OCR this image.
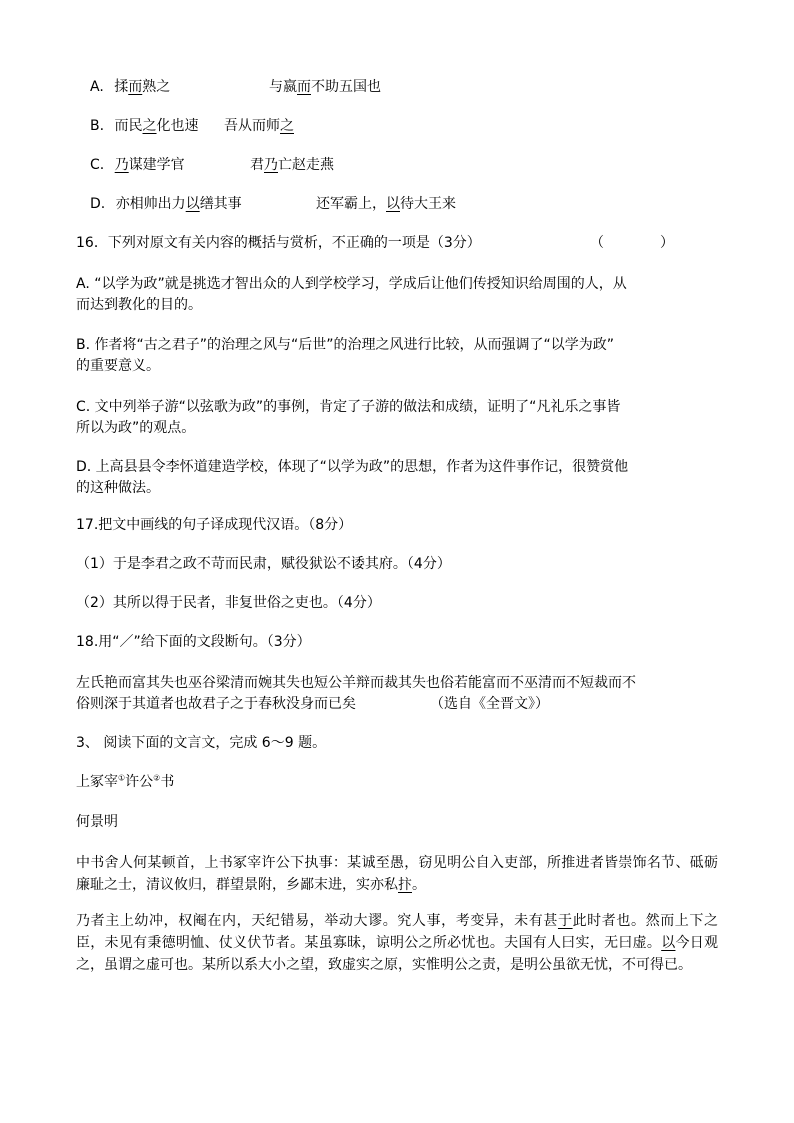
A. 揉而熟之	与嬴而不助五国也
B. 而民之化也速 吾从而师之
C. 乃谋建学官	君乃亡赵走燕
D. 亦相帅出力以缮其事	还军霸上，以待大王来
16．下列对原文有关内容的概括与赏析，不正确的一项是（3分）	（　　　　）
A. “以学为政”就是挑选才智出众的人到学校学习，学成后让他们传授知识给周围的人，从
而达到教化的目的。
B. 作者将“古之君子”的治理之风与“后世”的治理之风进行比较，从而强调了“以学为政”
的重要意义。
C. 文中列举子游“以弦歌为政”的事例，肯定了子游的做法和成绩，证明了“凡礼乐之事皆
所以为政”的观点。
D. 上高县县令李怀道建造学校，体现了“以学为政”的思想，作者为这件事作记，很赞赏他
的这种做法。
17.把文中画线的句子译成现代汉语。（8分）
（1）于是李君之政不苛而民肃，赋役狱讼不诿其府。（4分）
（2）其所以得于民者，非复世俗之吏也。（4分）
18.用“／”给下面的文段断句。（3分）
左氏艳而富其失也巫谷梁清而婉其失也短公羊辩而裁其失也俗若能富而不巫清而不短裁而不
俗则深于其道者也故君子之于春秋没身而已矣	（选自《全晋文》）
3、 阅读下面的文言文，完成 6～9 题。
上冢宰①许公②书
何景明
中书舍人何某顿首，上书冢宰许公下执事：某诚至愚，窃见明公自入吏部，所推进者皆崇饰名节、砥砺廉耻之士，清议攸归，群望景附，乡鄙末进，实亦私抃。
乃者主上幼冲，权阉在内，天纪错易，举动大谬。究人事，考变异，未有甚于此时者也。然而上下之臣，未见有秉德明恤、仗义伏节者。某虽寡昧，谅明公之所必忧也。夫国有人曰实，无曰虚。以今日观之，虽谓之虚可也。某所以系大小之望，致虚实之原，实惟明公之责，是明公虽欲无忧，不可得已。
